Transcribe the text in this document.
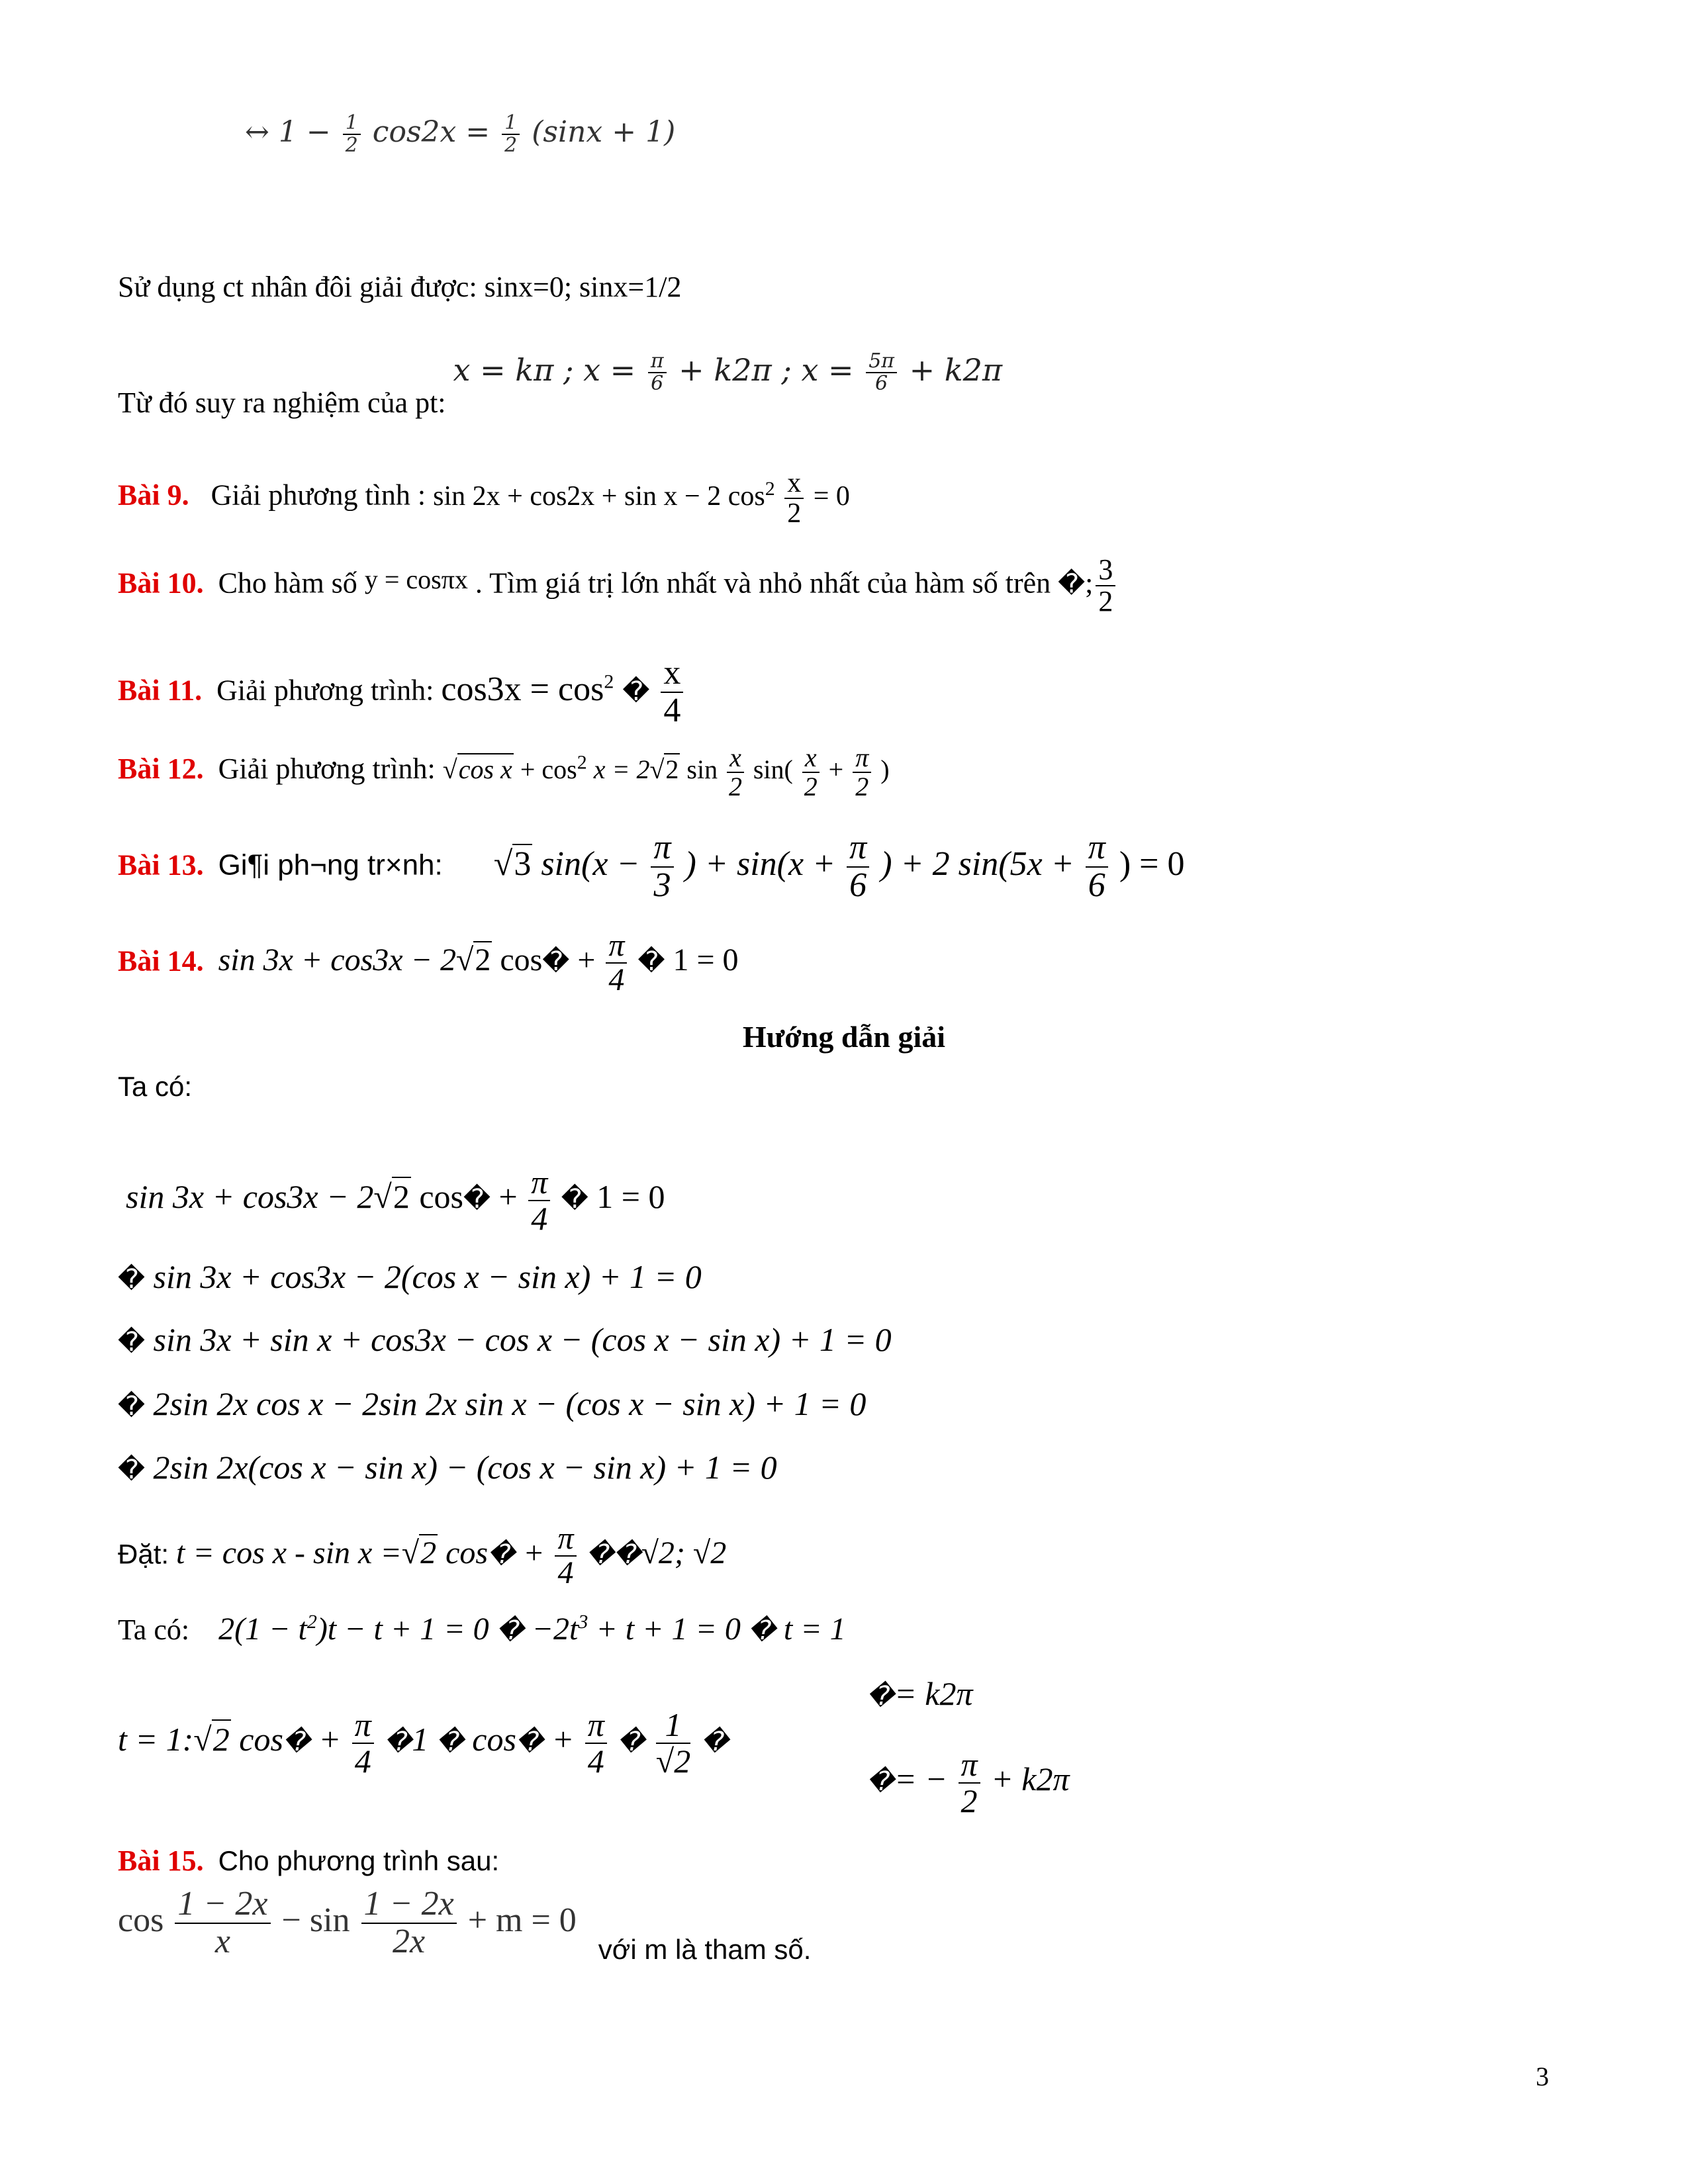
↔ $1 - \frac{1}{2} \cos 2x = \frac{1}{2} (\sin x + 1)$
Sử dụng ct nhân đôi giải được: sinx=0; sinx=1/2
Từ đó suy ra nghiệm của pt: x = kπ ; $x = \frac{\pi}{6} + k2\pi$ ; $x = \frac{5\pi}{6} + k2\pi$
Bài 9. Giải phương tình : sin 2x + cos2x + sin x − 2 $\cos^2 \frac{x}{2} = 0$
Bài 10. Cho hàm số y = cosπx . Tìm giá trị lớn nhất và nhỏ nhất của hàm số trên �; $\frac{3}{2}$
Bài 11. Giải phương trình: $\cos 3x = \cos^2$ � $\frac{x}{4}$
Bài 12. Giải phương trình: √cos $x + \cos^2 x = 2√2$ $\sin \frac{x}{2} \sin( \frac{x}{2} + \frac{\pi}{2}$ )
Bài 13. Gi¶i ph¬ng tr×nh:       √3 $\sin(x - \frac{\pi}{3}$ ) + $\sin(x + \frac{\pi}{6}$ ) + 2 $\sin(5x + \frac{\pi}{6}$ ) = 0
Bài 14. sin 3x + cos3x − 2√2 cos� + $\frac{\pi}{4}$ � 1 = 0
Hướng dẫn giải
Ta có:
sin 3x + cos3x − 2√2 cos� + $\frac{\pi}{4}$ � 1 = 0
� sin 3x + cos3x − 2(cos x − sin x) + 1 = 0
� sin 3x + sin x + cos3x − cos x − (cos x − sin x) + 1 = 0
� 2sin 2x cos x − 2sin 2x sin x − (cos x − sin x) + 1 = 0
� 2sin 2x(cos x − sin x) − (cos x − sin x) + 1 = 0
Đặt: t = cos x - sin x =√2 cos� + $\frac{\pi}{4}$ ��√2; √2
Ta có: $2(1 - t^2)t - t + 1 = 0$ � $-2t^3 + t + 1 = 0$ � t = 1
t = 1:√2 cos� + $\frac{\pi}{4}$ �1 � cos� + $\frac{\pi}{4}$ � $\frac{1}{√2}$ �
�= k2π
�= − $\frac{\pi}{2} + k2\pi$
Bài 15. Cho phương trình sau:
$\cos \frac{1 - 2x}{x} - \sin \frac{1 - 2x}{2x} + m = 0$ với m là tham số.
3
